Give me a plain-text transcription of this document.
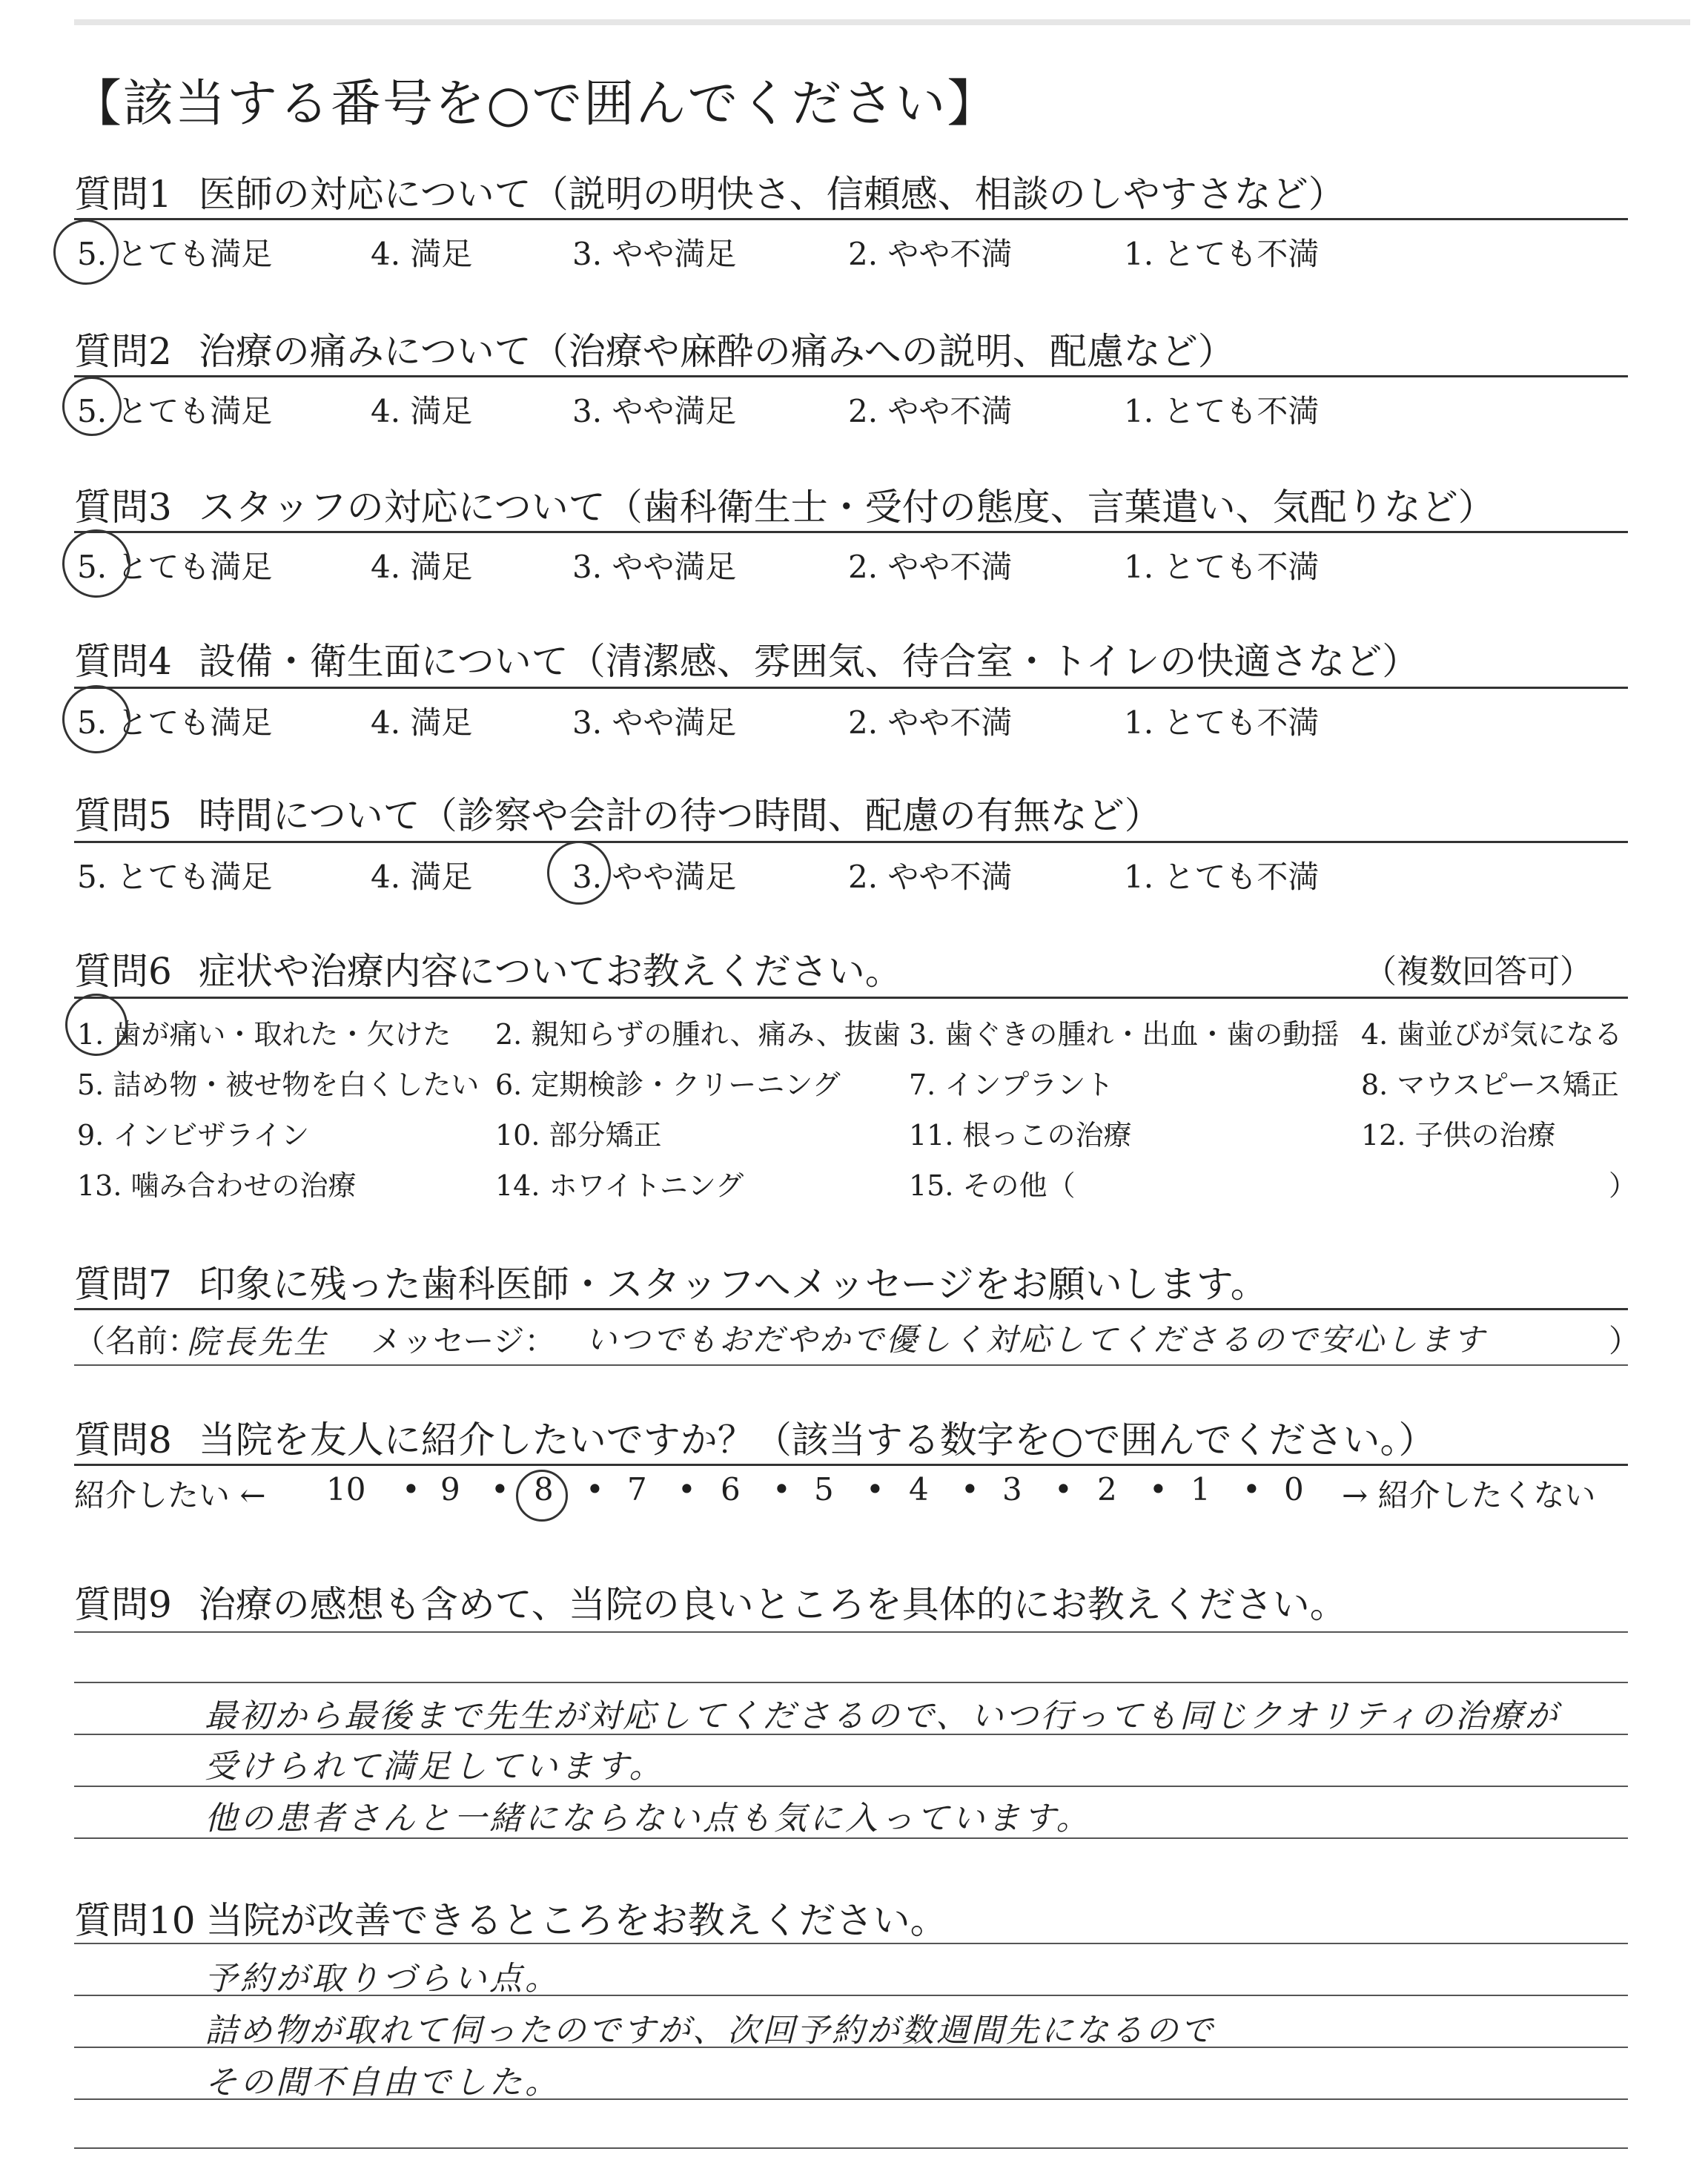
【該当する番号を○で囲んでください】
質問1 医師の対応について（説明の明快さ、信頼感、相談のしやすさなど）
5. とても満足	4. 満足	3. やや満足	2. やや不満	1. とても不満
質問2 治療の痛みについて（治療や麻酔の痛みへの説明、配慮など）
5. とても満足	4. 満足	3. やや満足	2. やや不満	1. とても不満
質問3 スタッフの対応について（歯科衛生士・受付の態度、言葉遣い、気配りなど）
5. とても満足	4. 満足	3. やや満足	2. やや不満	1. とても不満
質問4 設備・衛生面について（清潔感、雰囲気、待合室・トイレの快適さなど）
5. とても満足	4. 満足	3. やや満足	2. やや不満	1. とても不満
質問5 時間について（診察や会計の待つ時間、配慮の有無など）
5. とても満足	4. 満足	3. やや満足	2. やや不満	1. とても不満
質問6 症状や治療内容についてお教えください。	（複数回答可）
1. 歯が痛い・取れた・欠けた 2. 親知らずの腫れ、痛み、抜歯 3. 歯ぐきの腫れ・出血・歯の動揺 4. 歯並びが気になる
5. 詰め物・被せ物を白くしたい 6. 定期検診・クリーニング 7. インプラント	8. マウスピース矯正
9. インビザライン	10. 部分矯正	11. 根っこの治療	12. 子供の治療
13. 噛み合わせの治療	14. ホワイトニング	15. その他（	）
質問7 印象に残った歯科医師・スタッフへメッセージをお願いします。
（名前：
院長先生 メッセージ： いつでもおだやかで優しく対応してくださるので安心します	）
質問8 当院を友人に紹介したいですか？（該当する数字を○で囲んでください。）
紹介したい ← 10 • 9 • 8 • 7 • 6 • 5 • 4 • 3 • 2 • 1 • 0 → 紹介したくない
質問9 治療の感想も含めて、当院の良いところを具体的にお教えください。
最初から最後まで先生が対応してくださるので、いつ行っても同じクオリティの治療が
受けられて満足しています。
他の患者さんと一緒にならない点も気に入っています。
質問10 当院が改善できるところをお教えください。
予約が取りづらい点。
詰め物が取れて伺ったのですが、次回予約が数週間先になるので
その間不自由でした。
